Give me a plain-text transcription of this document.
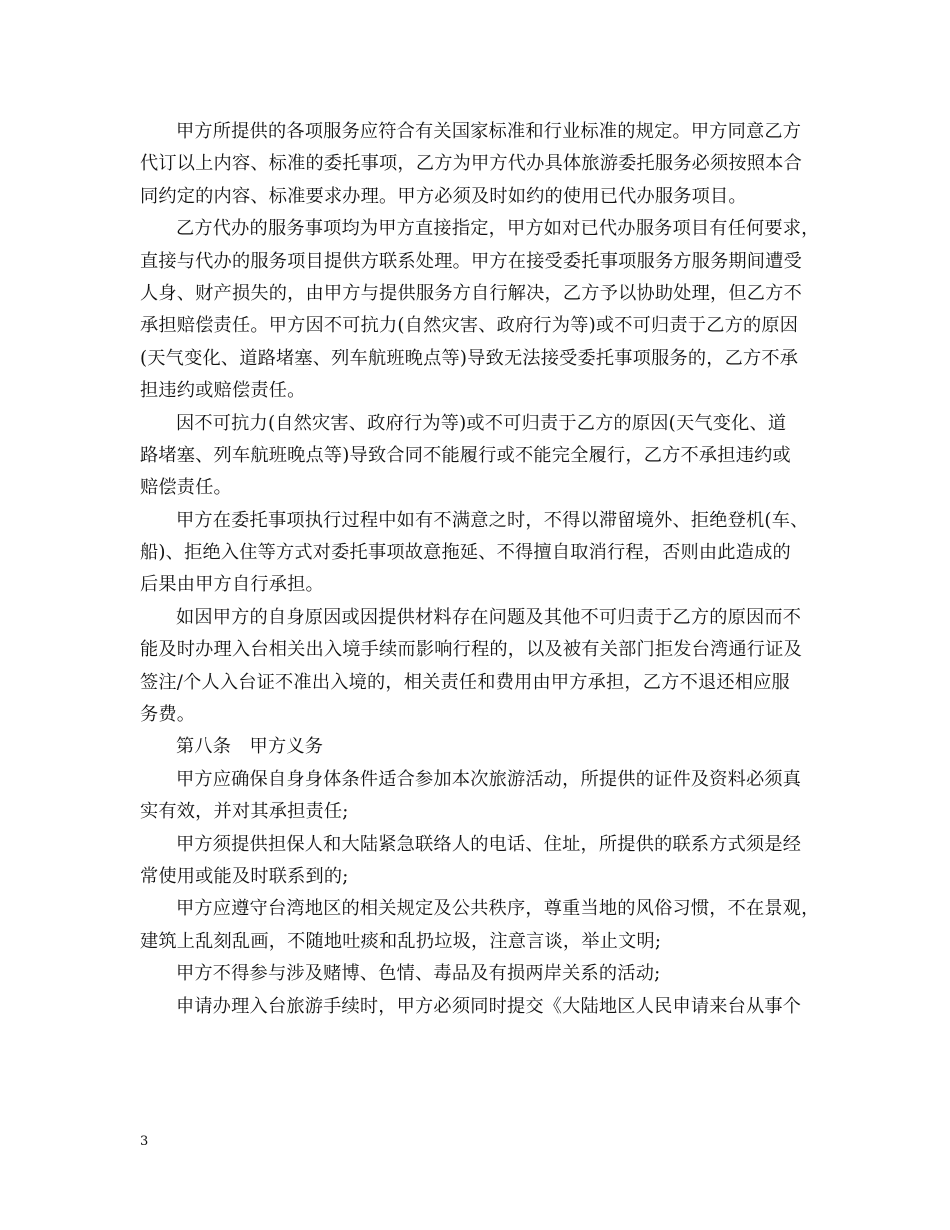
甲方所提供的各项服务应符合有关国家标准和行业标准的规定。甲方同意乙方
代订以上内容、标准的委托事项，乙方为甲方代办具体旅游委托服务必须按照本合
同约定的内容、标准要求办理。甲方必须及时如约的使用已代办服务项目。
乙方代办的服务事项均为甲方直接指定，甲方如对已代办服务项目有任何要求，
直接与代办的服务项目提供方联系处理。甲方在接受委托事项服务方服务期间遭受
人身、财产损失的，由甲方与提供服务方自行解决，乙方予以协助处理，但乙方不
承担赔偿责任。甲方因不可抗力(自然灾害、政府行为等)或不可归责于乙方的原因
(天气变化、道路堵塞、列车航班晚点等)导致无法接受委托事项服务的，乙方不承
担违约或赔偿责任。
因不可抗力(自然灾害、政府行为等)或不可归责于乙方的原因(天气变化、道
路堵塞、列车航班晚点等)导致合同不能履行或不能完全履行，乙方不承担违约或
赔偿责任。
甲方在委托事项执行过程中如有不满意之时，不得以滞留境外、拒绝登机(车、
船)、拒绝入住等方式对委托事项故意拖延、不得擅自取消行程，否则由此造成的
后果由甲方自行承担。
如因甲方的自身原因或因提供材料存在问题及其他不可归责于乙方的原因而不
能及时办理入台相关出入境手续而影响行程的，以及被有关部门拒发台湾通行证及
签注/个人入台证不准出入境的，相关责任和费用由甲方承担，乙方不退还相应服
务费。
第八条　甲方义务
甲方应确保自身身体条件适合参加本次旅游活动，所提供的证件及资料必须真
实有效，并对其承担责任;
甲方须提供担保人和大陆紧急联络人的电话、住址，所提供的联系方式须是经
常使用或能及时联系到的;
甲方应遵守台湾地区的相关规定及公共秩序，尊重当地的风俗习惯，不在景观，
建筑上乱刻乱画，不随地吐痰和乱扔垃圾，注意言谈，举止文明;
甲方不得参与涉及赌博、色情、毒品及有损两岸关系的活动;
申请办理入台旅游手续时，甲方必须同时提交《大陆地区人民申请来台从事个
3
